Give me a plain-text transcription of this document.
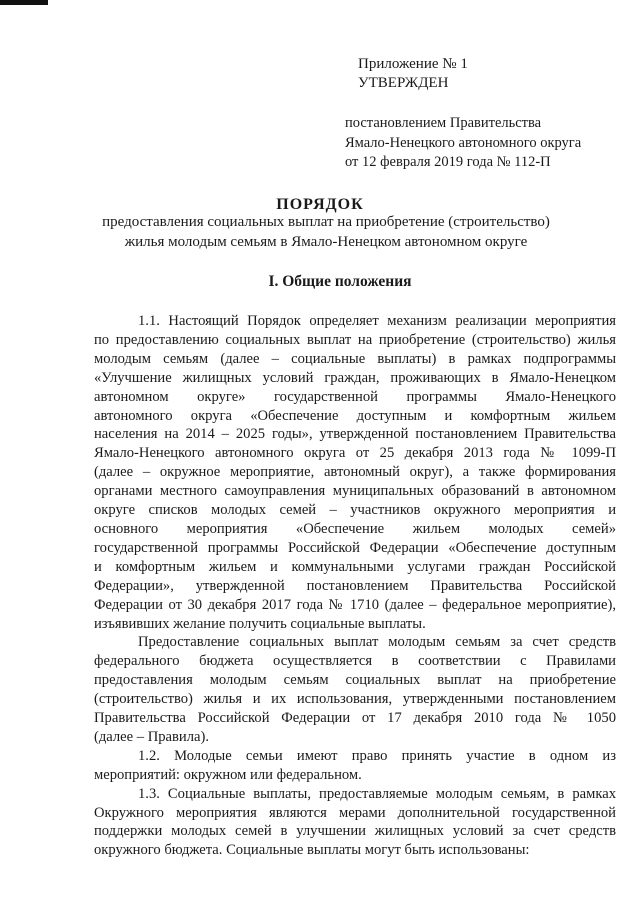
Приложение № 1
УТВЕРЖДЕН
постановлением Правительства
Ямало-Ненецкого автономного округа
от 12 февраля 2019 года № 112-П
ПОРЯДОК
предоставления социальных выплат на приобретение (строительство)
жилья молодым семьям в Ямало-Ненецком автономном округе
I. Общие положения
1.1. Настоящий Порядок определяет механизм реализации мероприятия
по предоставлению социальных выплат на приобретение (строительство) жилья
молодым семьям (далее – социальные выплаты) в рамках подпрограммы
«Улучшение жилищных условий граждан, проживающих в Ямало-Ненецком
автономном округе» государственной программы Ямало-Ненецкого
автономного округа «Обеспечение доступным и комфортным жильем
населения на 2014 – 2025 годы», утвержденной постановлением Правительства
Ямало-Ненецкого автономного округа от 25 декабря 2013 года № 1099-П
(далее – окружное мероприятие, автономный округ), а также формирования
органами местного самоуправления муниципальных образований в автономном
округе списков молодых семей – участников окружного мероприятия и
основного мероприятия «Обеспечение жильем молодых семей»
государственной программы Российской Федерации «Обеспечение доступным
и комфортным жильем и коммунальными услугами граждан Российской
Федерации», утвержденной постановлением Правительства Российской
Федерации от 30 декабря 2017 года № 1710 (далее – федеральное мероприятие),
изъявивших желание получить социальные выплаты.
Предоставление социальных выплат молодым семьям за счет средств
федерального бюджета осуществляется в соответствии с Правилами
предоставления молодым семьям социальных выплат на приобретение
(строительство) жилья и их использования, утвержденными постановлением
Правительства Российской Федерации от 17 декабря 2010 года № 1050
(далее – Правила).
1.2. Молодые семьи имеют право принять участие в одном из
мероприятий: окружном или федеральном.
1.3. Социальные выплаты, предоставляемые молодым семьям, в рамках
Окружного мероприятия являются мерами дополнительной государственной
поддержки молодых семей в улучшении жилищных условий за счет средств
окружного бюджета. Социальные выплаты могут быть использованы:
